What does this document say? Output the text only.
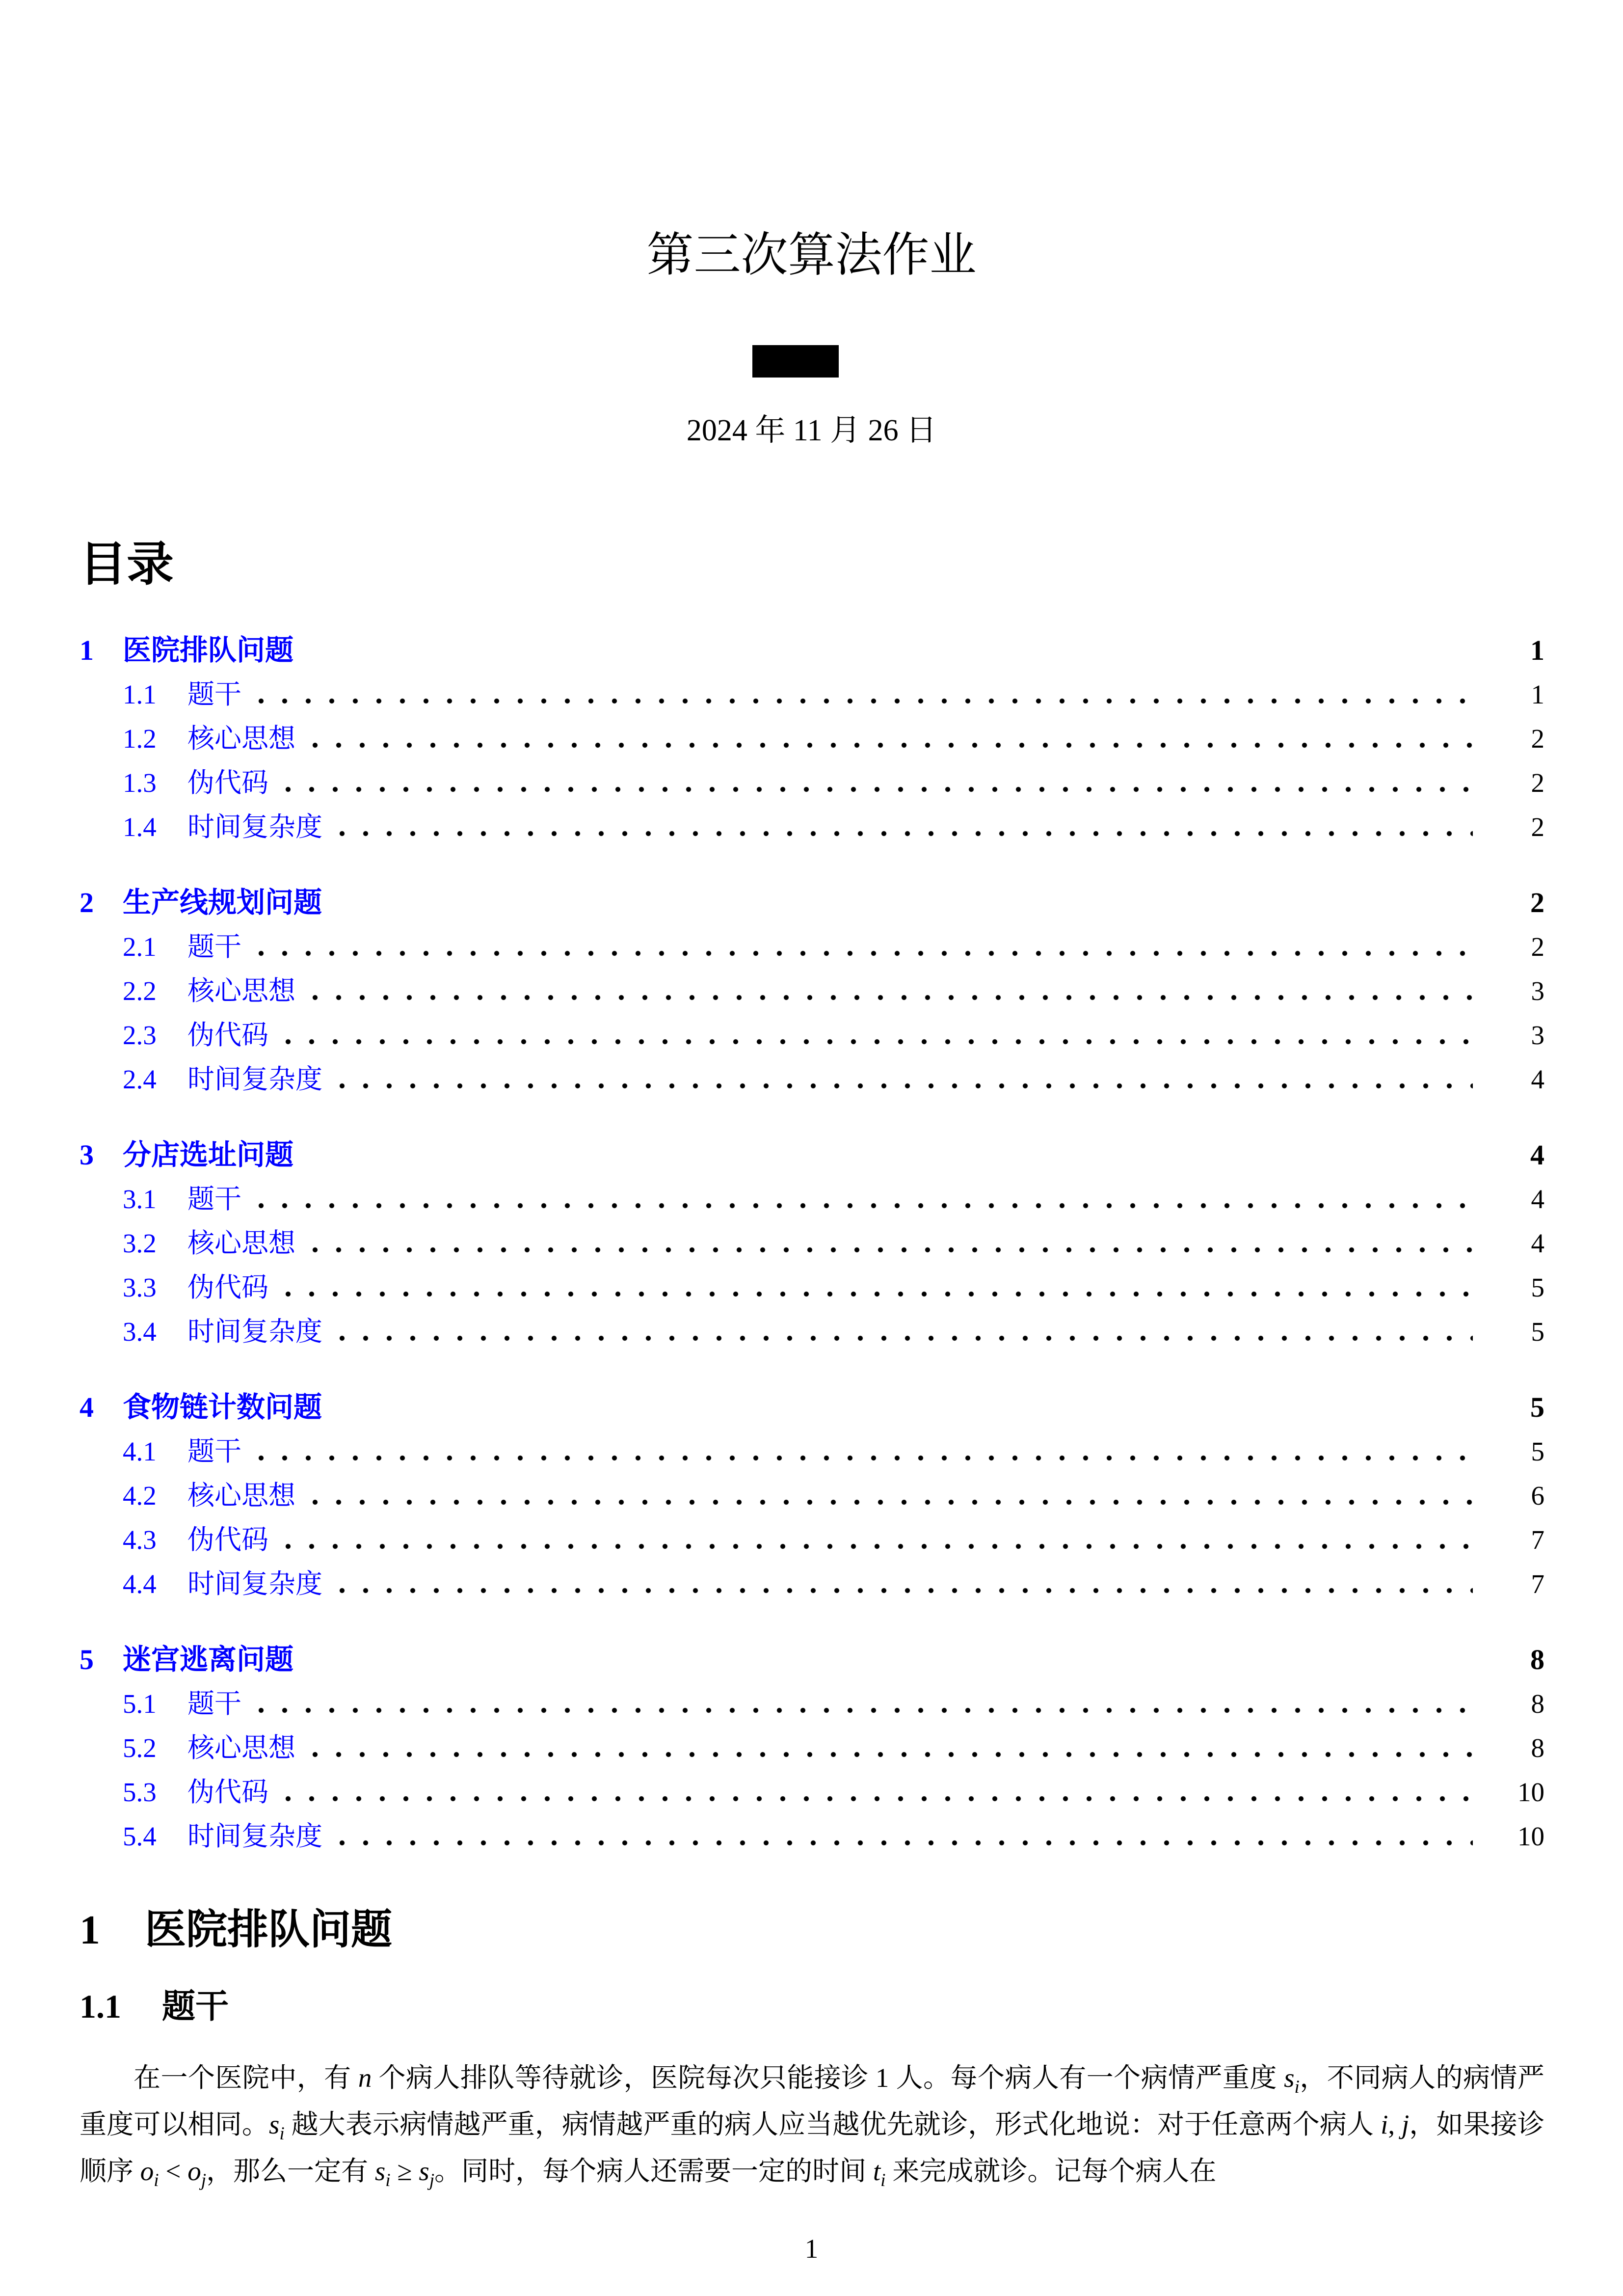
第三次算法作业
2024 年 11 月 26 日
目录
1	医院排队问题	1
1.1	题干	1
1.2	核心思想	2
1.3	伪代码	2
1.4	时间复杂度	2
2	生产线规划问题	2
2.1	题干	2
2.2	核心思想	3
2.3	伪代码	3
2.4	时间复杂度	4
3	分店选址问题	4
3.1	题干	4
3.2	核心思想	4
3.3	伪代码	5
3.4	时间复杂度	5
4	食物链计数问题	5
4.1	题干	5
4.2	核心思想	6
4.3	伪代码	7
4.4	时间复杂度	7
5	迷宫逃离问题	8
5.1	题干	8
5.2	核心思想	8
5.3	伪代码	10
5.4	时间复杂度	10
1	医院排队问题
1.1	题干
在一个医院中，有 n 个病人排队等待就诊，医院每次只能接诊 1 人。每个病人有一个病情严重度 $s_i$，不同病人的病情严重度可以相同。$s_i$ 越大表示病情越严重，病情越严重的病人应当越优先就诊，形式化地说：对于任意两个病人 i, j，如果接诊顺序 $o_i < o_j$，那么一定有 $s_i \ge s_j$。同时，每个病人还需要一定的时间 $t_i$ 来完成就诊。记每个病人在
1
